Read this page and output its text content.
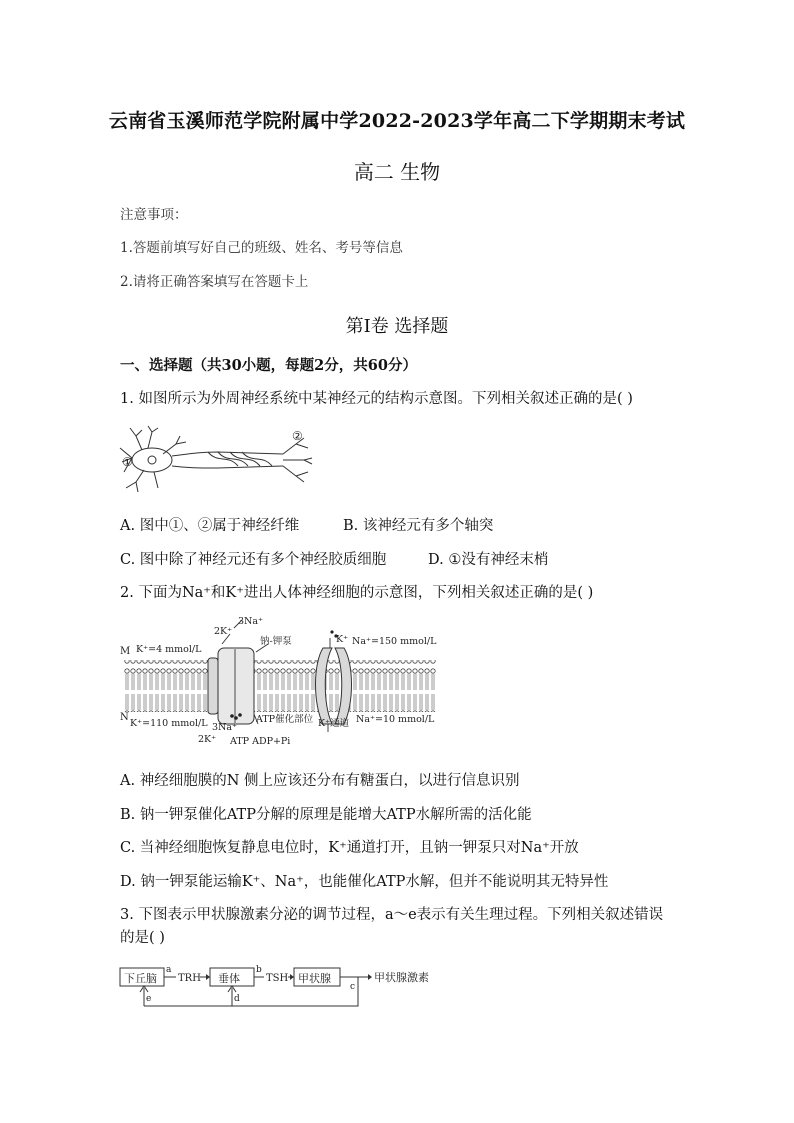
云南省玉溪师范学院附属中学2022-2023学年高二下学期期末考试
高二 生物
注意事项：
1.答题前填写好自己的班级、姓名、考号等信息
2.请将正确答案填写在答题卡上
第Ⅰ卷 选择题
一、选择题（共30小题，每题2分，共60分）
1. 如图所示为外周神经系统中某神经元的结构示意图。下列相关叙述正确的是( )
①
②
A. 图中①、②属于神经纤维	B. 该神经元有多个轴突
C. 图中除了神经元还有多个神经胶质细胞	D. ①没有神经末梢
2. 下面为Na⁺和K⁺进出人体神经细胞的示意图，下列相关叙述正确的是( )
M
N
K⁺=4 mmol/L
K⁺=110 mmol/L
Na⁺=150 mmol/L
Na⁺=10 mmol/L
2K⁺
3Na⁺
钠-钾泵	K⁺
ATP催化部位 K⁺通道
3Na⁺
2K⁺ ATP ADP+Pi
A. 神经细胞膜的N 侧上应该还分布有糖蛋白，以进行信息识别
B. 钠一钾泵催化ATP分解的原理是能增大ATP水解所需的活化能
C. 当神经细胞恢复静息电位时，K⁺通道打开，且钠一钾泵只对Na⁺开放
D. 钠一钾泵能运输K⁺、Na⁺，也能催化ATP水解，但并不能说明其无特异性
3. 下图表示甲状腺激素分泌的调节过程，a～e表示有关生理过程。下列相关叙述错误
的是( )
下丘脑
a
TRH 垂体
b
TSH 甲状腺
c
甲状腺激素
e	d
